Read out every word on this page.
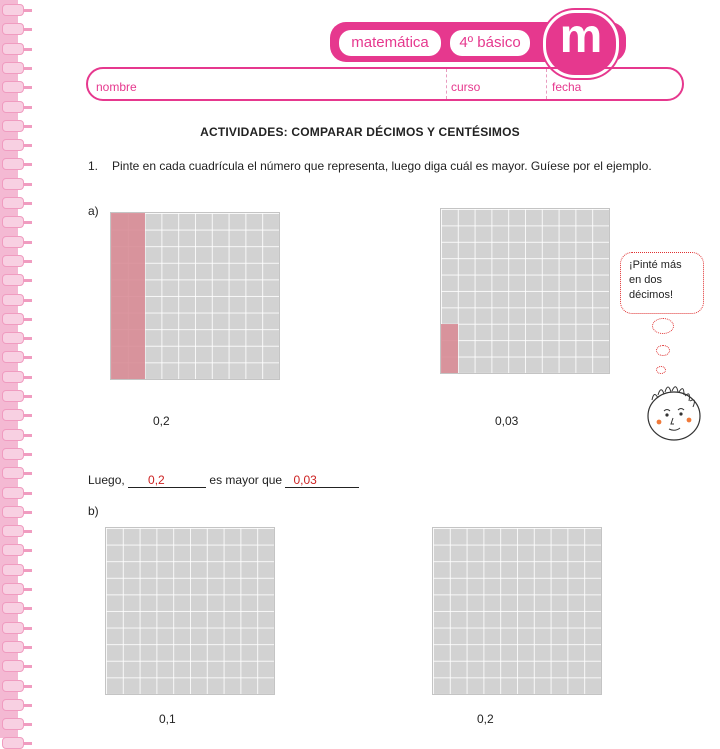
matemática	4º básico m
nombre	curso	fecha
ACTIVIDADES: COMPARAR DÉCIMOS Y CENTÉSIMOS
1. Pinte en cada cuadrícula el número que representa, luego diga cuál es mayor. Guíese por el ejemplo.
a)
0,2	0,03
¡Pinté más
en dos
décimos!
Luego, 0,2	es mayor que 0,03
b)
0,1	0,2
